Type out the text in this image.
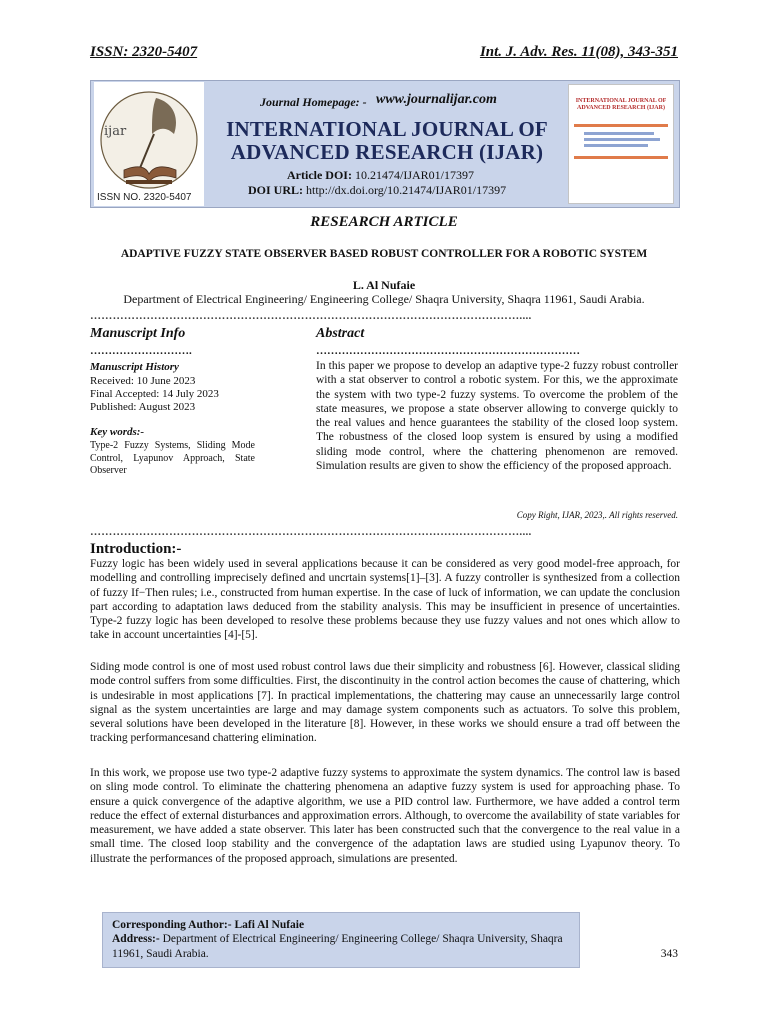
ISSN: 2320-5407	Int. J. Adv. Res. 11(08), 343-351
ijar
ISSN NO. 2320-5407
Journal Homepage: - www.journalijar.com
INTERNATIONAL JOURNAL OF ADVANCED RESEARCH (IJAR)
Article DOI: 10.21474/IJAR01/17397
DOI URL: http://dx.doi.org/10.21474/IJAR01/17397
INTERNATIONAL JOURNAL OF ADVANCED RESEARCH (IJAR)
RESEARCH ARTICLE
ADAPTIVE FUZZY STATE OBSERVER BASED ROBUST CONTROLLER FOR A ROBOTIC SYSTEM
L. Al Nufaie
Department of Electrical Engineering/ Engineering College/ Shaqra University, Shaqra 11961, Saudi Arabia.
……………………………………………………………………………………………………....
Manuscript Info
……………………….
Manuscript History
Received: 10 June 2023
Final Accepted: 14 July 2023
Published: August 2023
Key words:-
Type-2 Fuzzy Systems, Sliding Mode Control, Lyapunov Approach, State Observer
Abstract
………………………………………………………………
In this paper we propose to develop an adaptive type-2 fuzzy robust controller with a stat observer to control a robotic system. For this, we the approximate the system with two type-2 fuzzy systems. To overcome the problem of the state measures, we propose a state observer allowing to converge quickly to the real values and hence guarantees the stability of the closed loop system. The robustness of the closed loop system is ensured by using a modified sliding mode control, where the chattering phenomenon are removed. Simulation results are given to show the efficiency of the proposed approach.
Copy Right, IJAR, 2023,. All rights reserved.
……………………………………………………………………………………………………....
Introduction:-
Fuzzy logic has been widely used in several applications because it can be considered as very good model-free approach, for modelling and controlling imprecisely defined and uncrtain systems[1]–[3]. A fuzzy controller is synthesized from a collection of fuzzy If−Then rules; i.e., constructed from human expertise. In the case of luck of information, we can update the conclusion part according to adaptation laws deduced from the stability analysis. This may be insufficient in presence of uncertainties. Type-2 fuzzy logic has been developed to resolve these problems because they use fuzzy values and not ones which allow to take in account uncertainties [4]-[5].
Siding mode control is one of most used robust control laws due their simplicity and robustness [6]. However, classical sliding mode control suffers from some difficulties. First, the discontinuity in the control action becomes the cause of chattering, which is undesirable in most applications [7]. In practical implementations, the chattering may cause an unnecessarily large control signal as the system uncertainties are large and may damage system components such as actuators. To solve this problem, several solutions have been developed in the literature [8]. However, in these works we should ensure a trad off between the tracking performancesand chattering elimination.
In this work, we propose use two type-2 adaptive fuzzy systems to approximate the system dynamics. The control law is based on sling mode control. To eliminate the chattering phenomena an adaptive fuzzy system is used for approaching phase. To ensure a quick convergence of the adaptive algorithm, we use a PID control law. Furthermore, we have added a control term reduce the effect of external disturbances and approximation errors. Although, to overcome the availability of state variables for measurement, we have added a state observer. This later has been constructed such that the convergence to the real value in a small time. The closed loop stability and the convergence of the adaptation laws are studied using Lyapunov theory. To illustrate the performances of the proposed approach, simulations are presented.
Corresponding Author:- Lafi Al Nufaie
Address:- Department of Electrical Engineering/ Engineering College/ Shaqra University, Shaqra 11961, Saudi Arabia.	343
